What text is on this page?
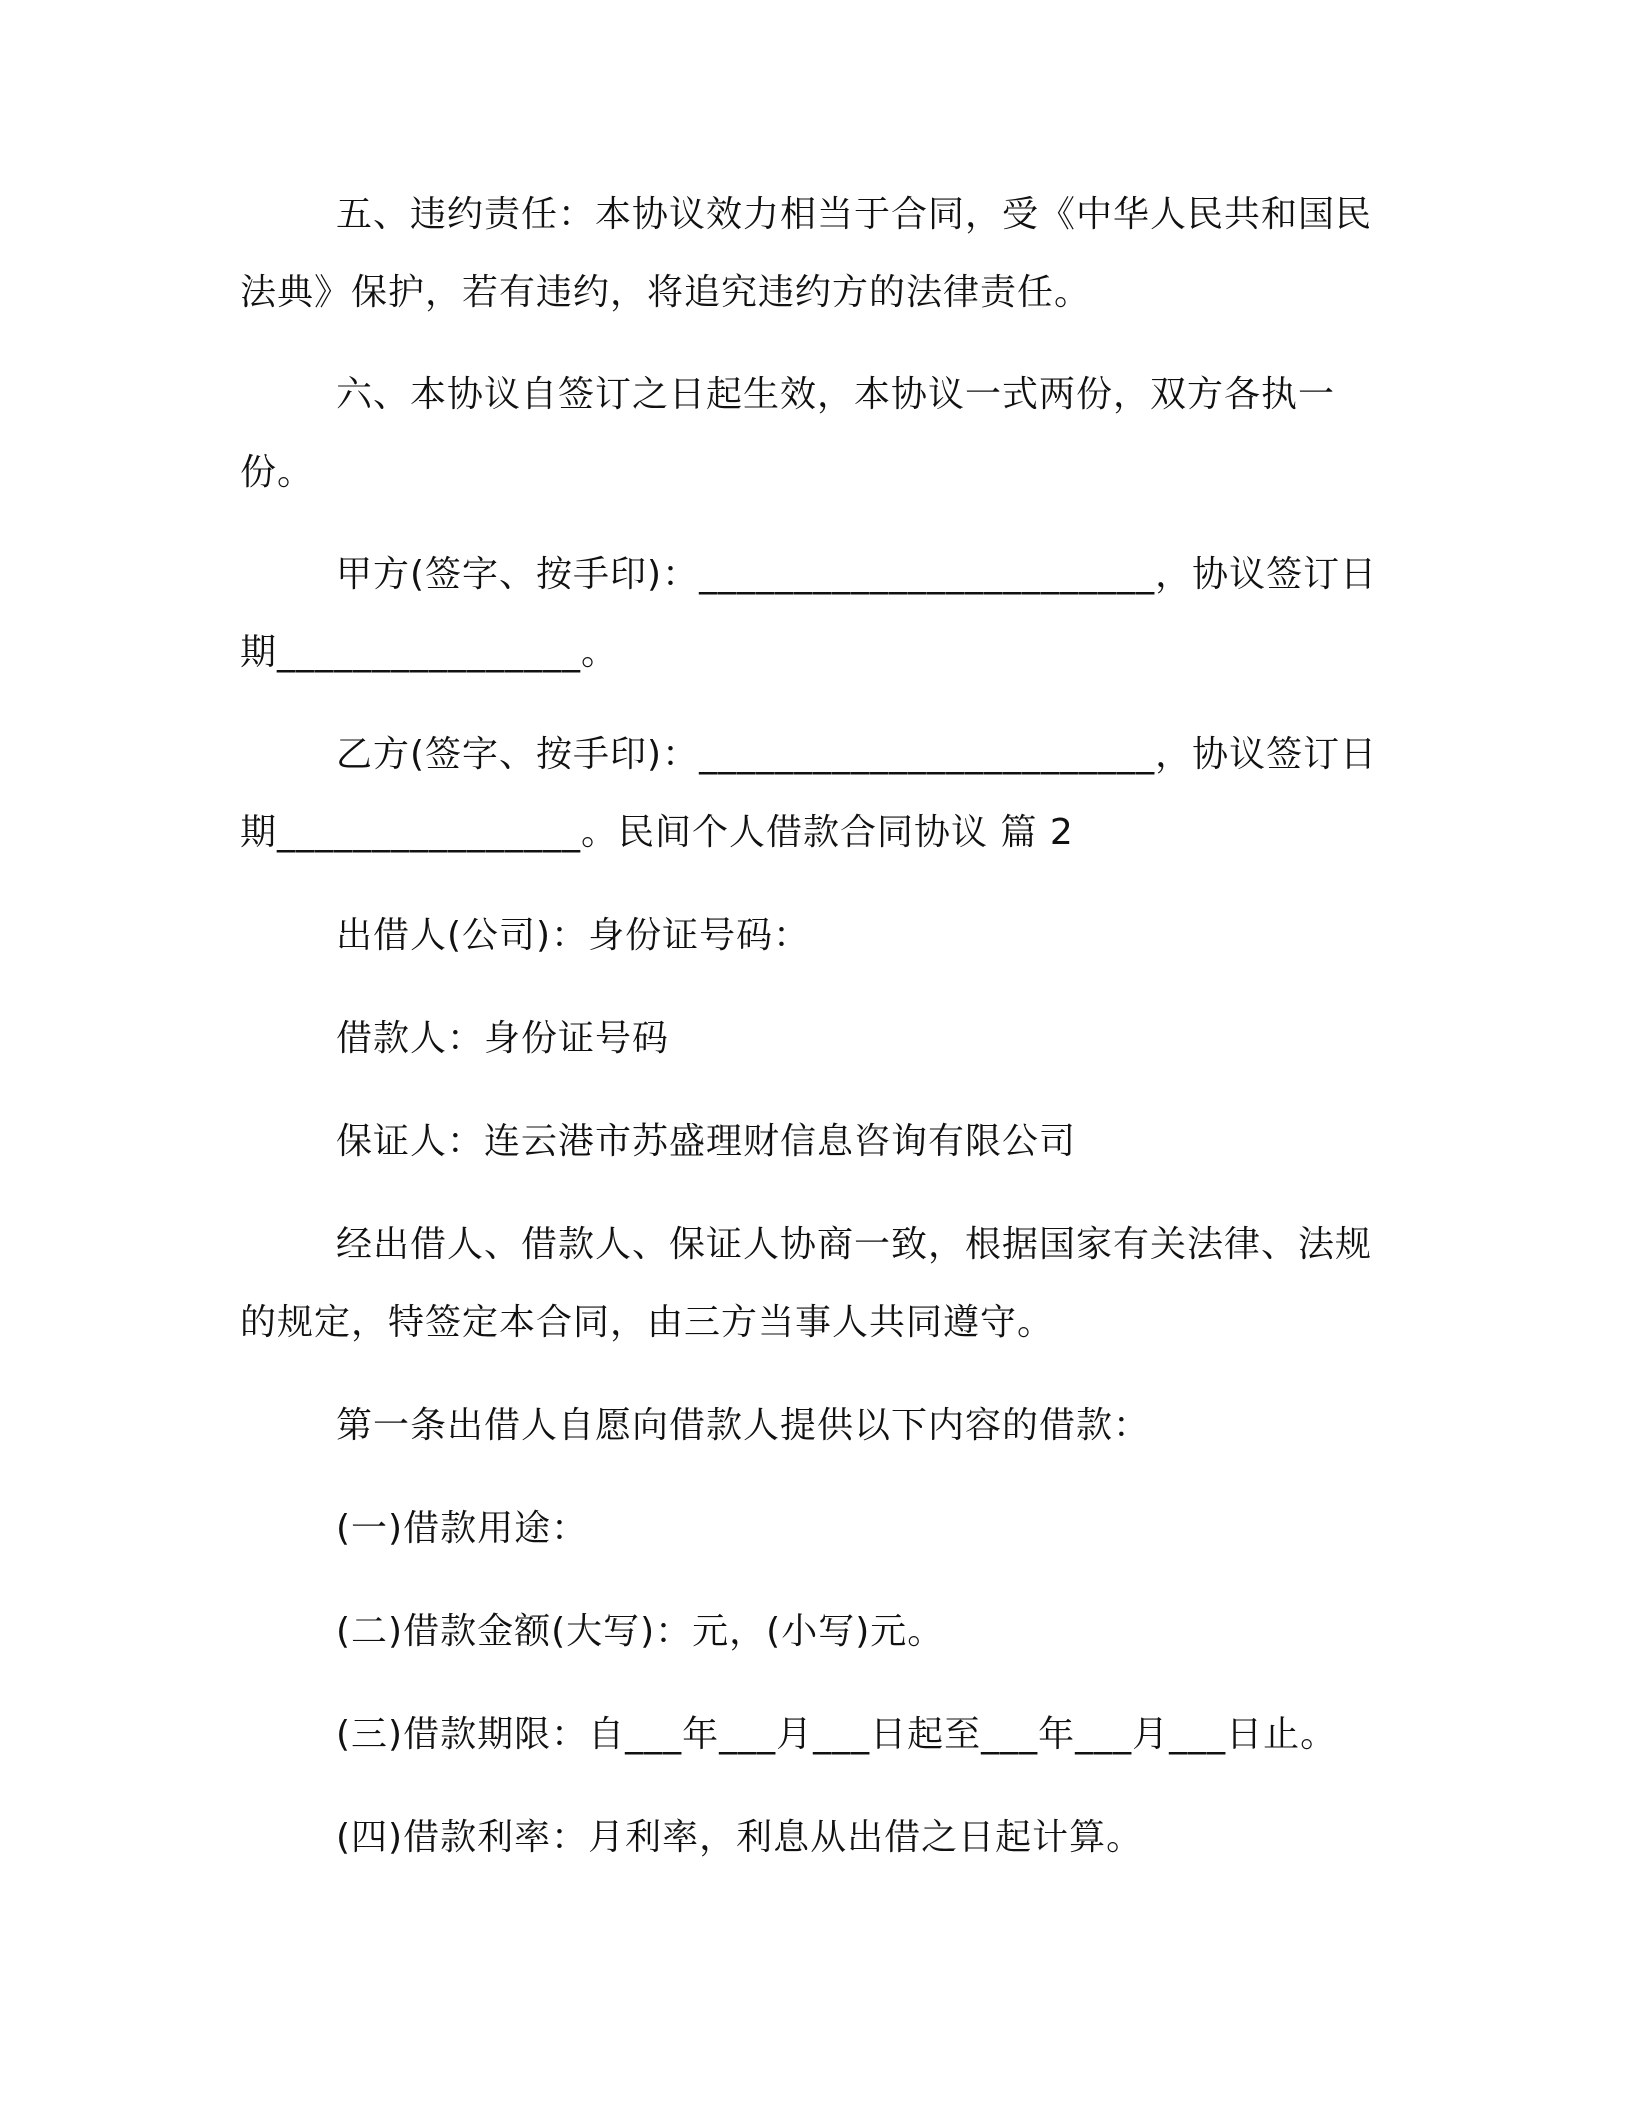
五、违约责任：本协议效力相当于合同，受《中华人民共和国民法典》保护，若有违约，将追究违约方的法律责任。

六、本协议自签订之日起生效，本协议一式两份，双方各执一份。

甲方(签字、按手印)：________________________，协议签订日期________________。

乙方(签字、按手印)：________________________，协议签订日期________________。民间个人借款合同协议 篇 2

出借人(公司)：身份证号码：

借款人：身份证号码

保证人：连云港市苏盛理财信息咨询有限公司

经出借人、借款人、保证人协商一致，根据国家有关法律、法规的规定，特签定本合同，由三方当事人共同遵守。

第一条出借人自愿向借款人提供以下内容的借款：

(一)借款用途：

(二)借款金额(大写)：元，(小写)元。

(三)借款期限：自___年___月___日起至___年___月___日止。

(四)借款利率：月利率，利息从出借之日起计算。
